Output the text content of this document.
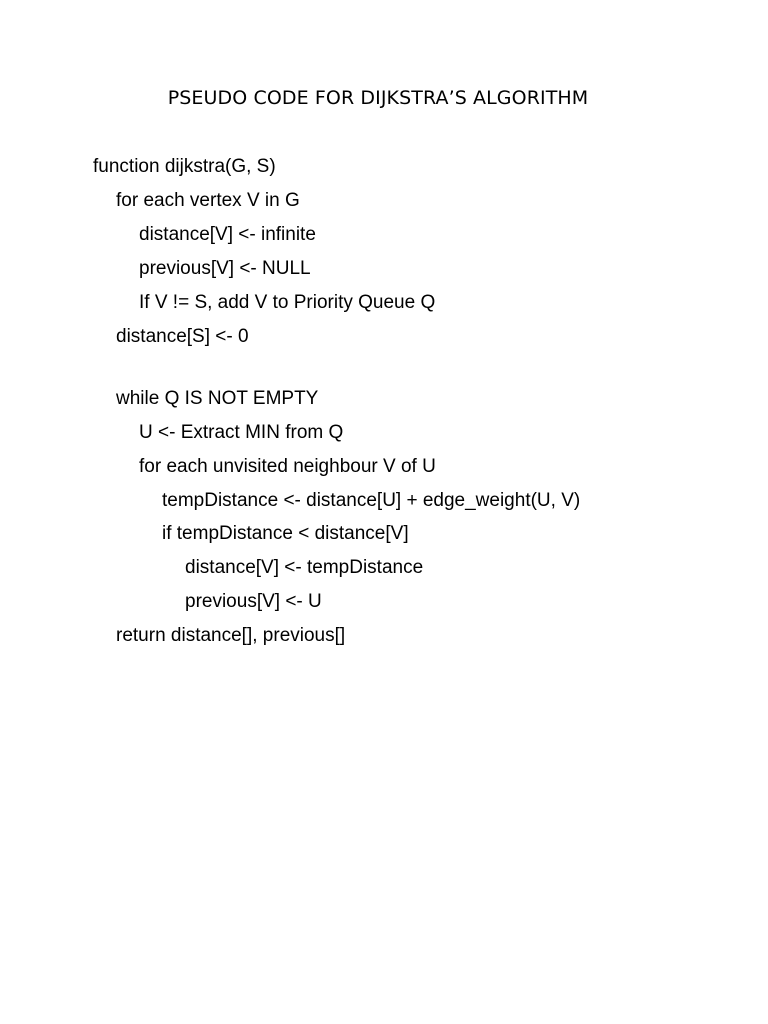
PSEUDO CODE FOR DIJKSTRA’S ALGORITHM
function dijkstra(G, S)
for each vertex V in G
distance[V] <- infinite
previous[V] <- NULL
If V != S, add V to Priority Queue Q
distance[S] <- 0
while Q IS NOT EMPTY
U <- Extract MIN from Q
for each unvisited neighbour V of U
tempDistance <- distance[U] + edge_weight(U, V)
if tempDistance < distance[V]
distance[V] <- tempDistance
previous[V] <- U
return distance[], previous[]
